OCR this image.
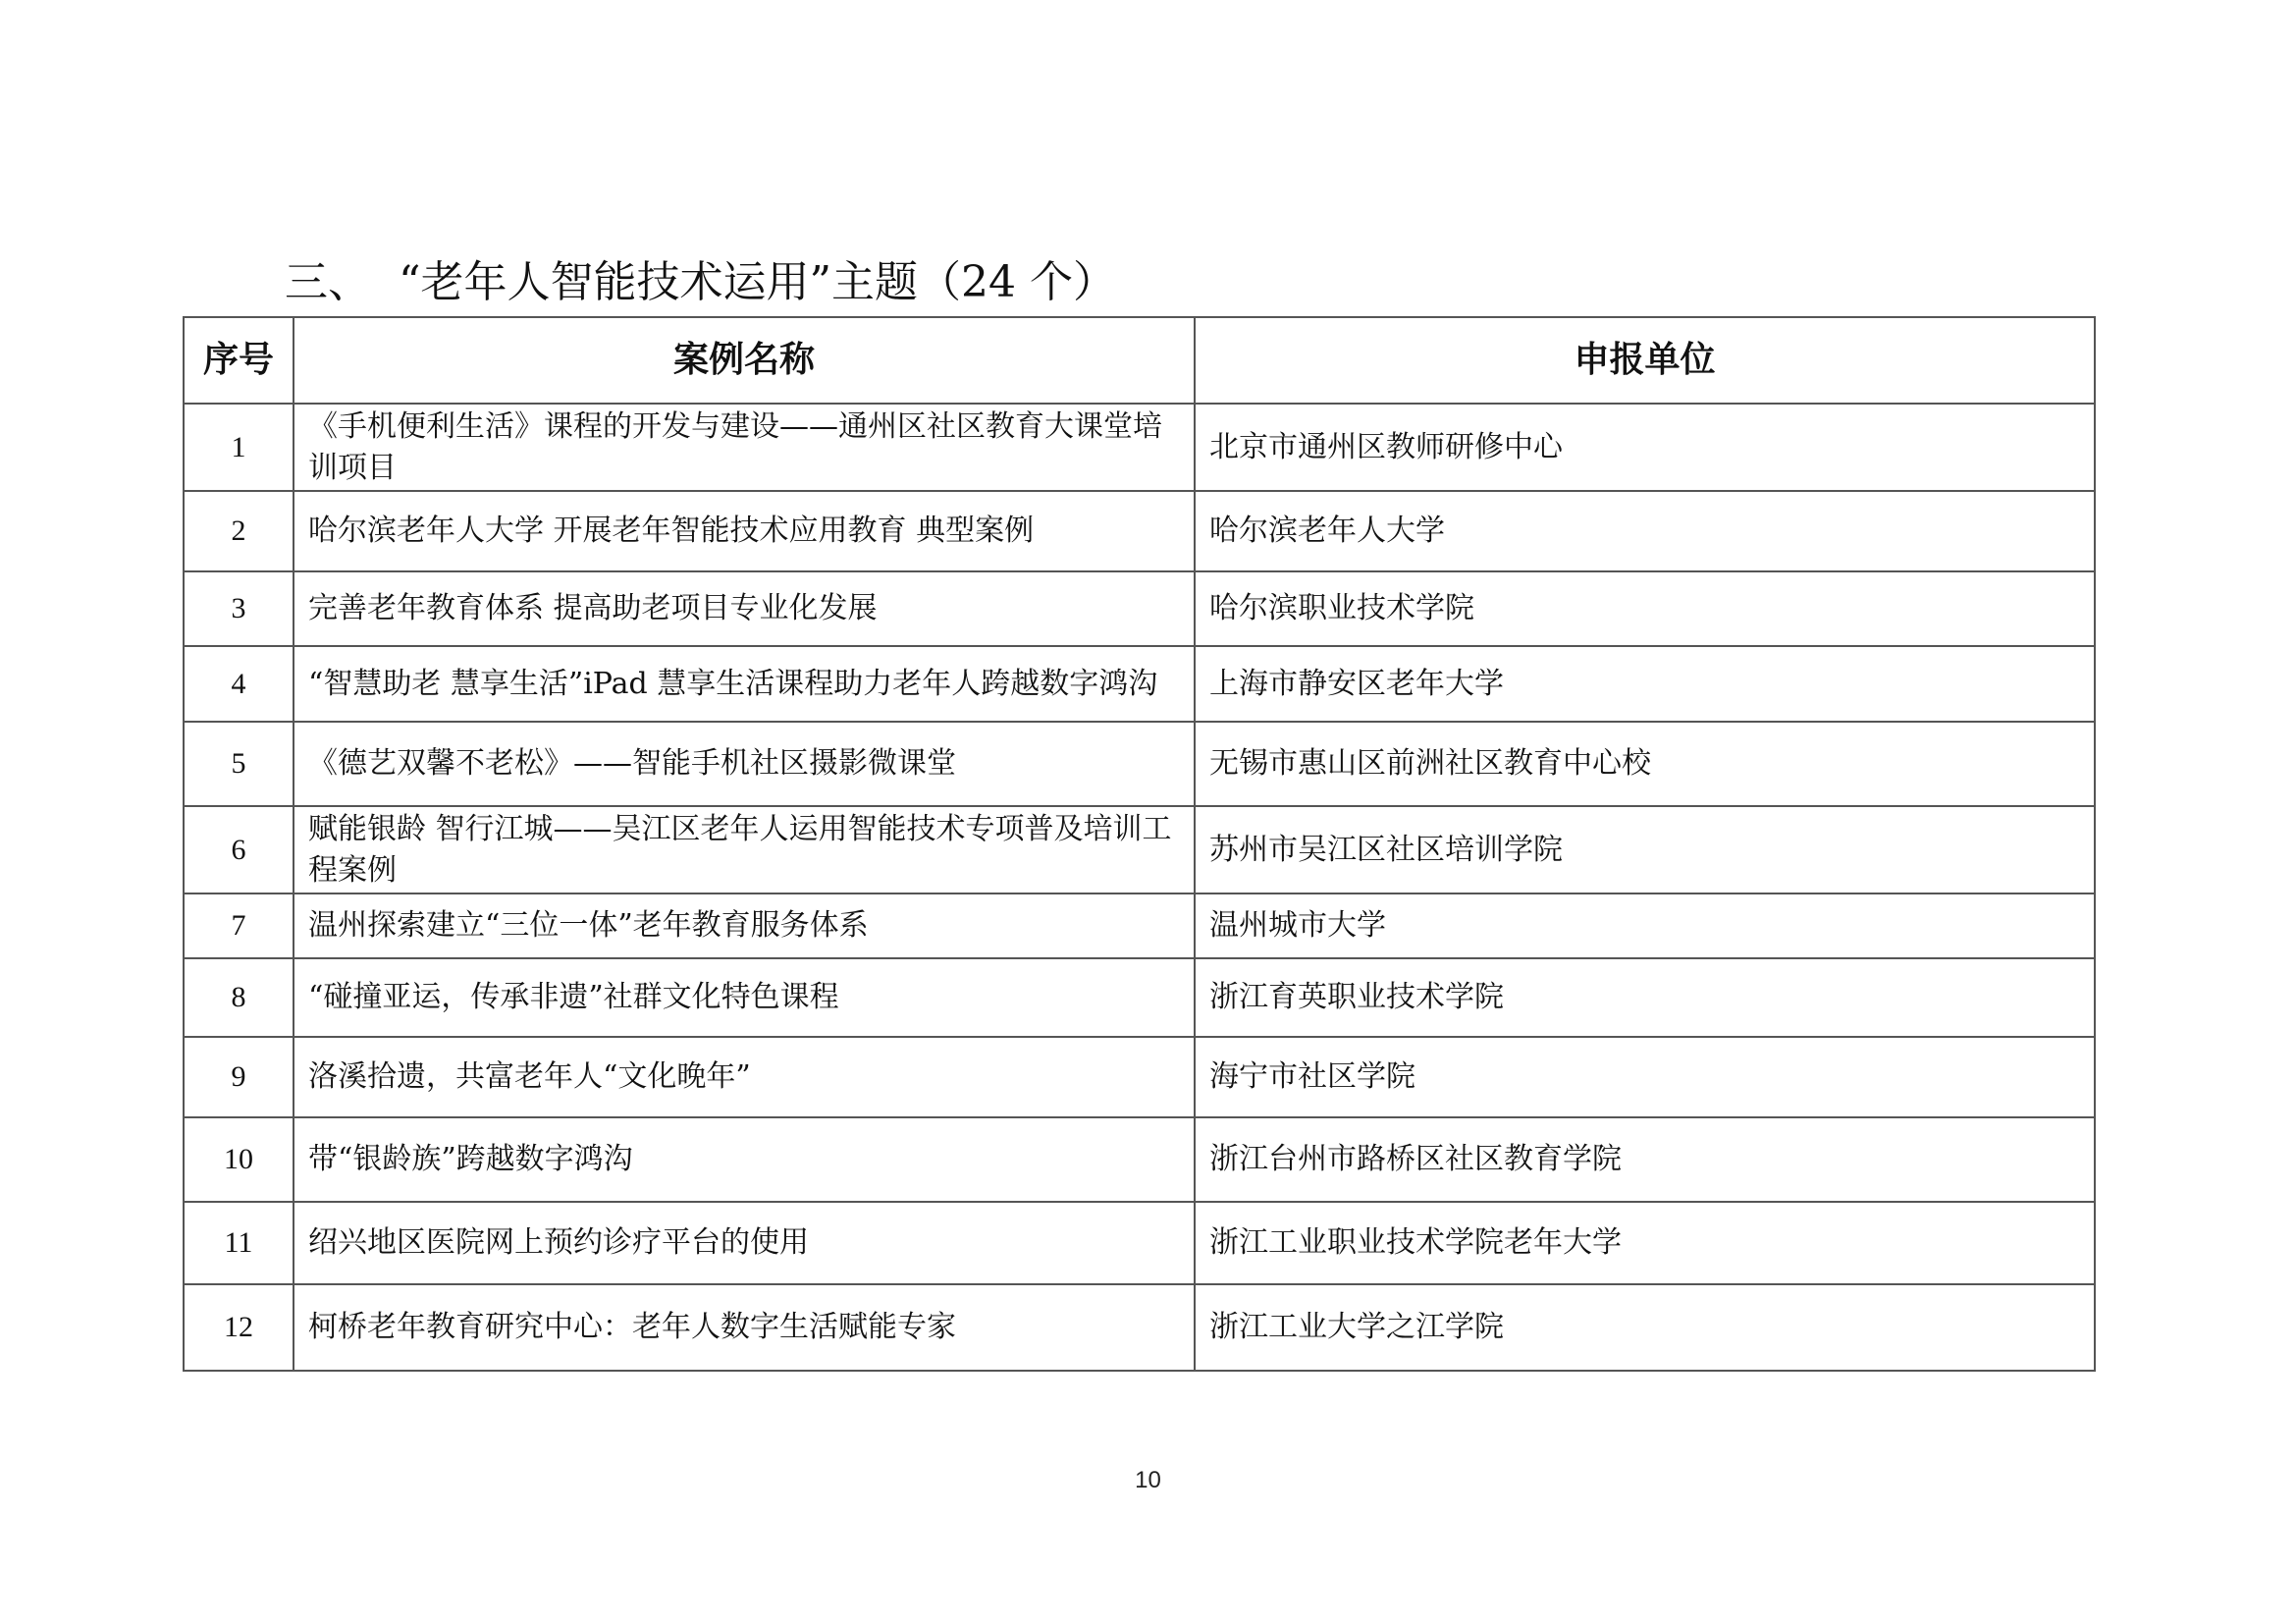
三、 “老年人智能技术运用”主题（24 个）
序号	案例名称	申报单位
1	《手机便利生活》课程的开发与建设——通州区社区教育大课堂培训项目	北京市通州区教师研修中心
2	哈尔滨老年人大学 开展老年智能技术应用教育 典型案例	哈尔滨老年人大学
3	完善老年教育体系 提高助老项目专业化发展	哈尔滨职业技术学院
4	“智慧助老 慧享生活”iPad 慧享生活课程助力老年人跨越数字鸿沟	上海市静安区老年大学
5	《德艺双馨不老松》——智能手机社区摄影微课堂	无锡市惠山区前洲社区教育中心校
6	赋能银龄 智行江城——吴江区老年人运用智能技术专项普及培训工程案例	苏州市吴江区社区培训学院
7	温州探索建立“三位一体”老年教育服务体系	温州城市大学
8	“碰撞亚运，传承非遗”社群文化特色课程	浙江育英职业技术学院
9	洛溪拾遗，共富老年人“文化晚年”	海宁市社区学院
10	带“银龄族”跨越数字鸿沟	浙江台州市路桥区社区教育学院
11	绍兴地区医院网上预约诊疗平台的使用	浙江工业职业技术学院老年大学
12	柯桥老年教育研究中心：老年人数字生活赋能专家	浙江工业大学之江学院
10
